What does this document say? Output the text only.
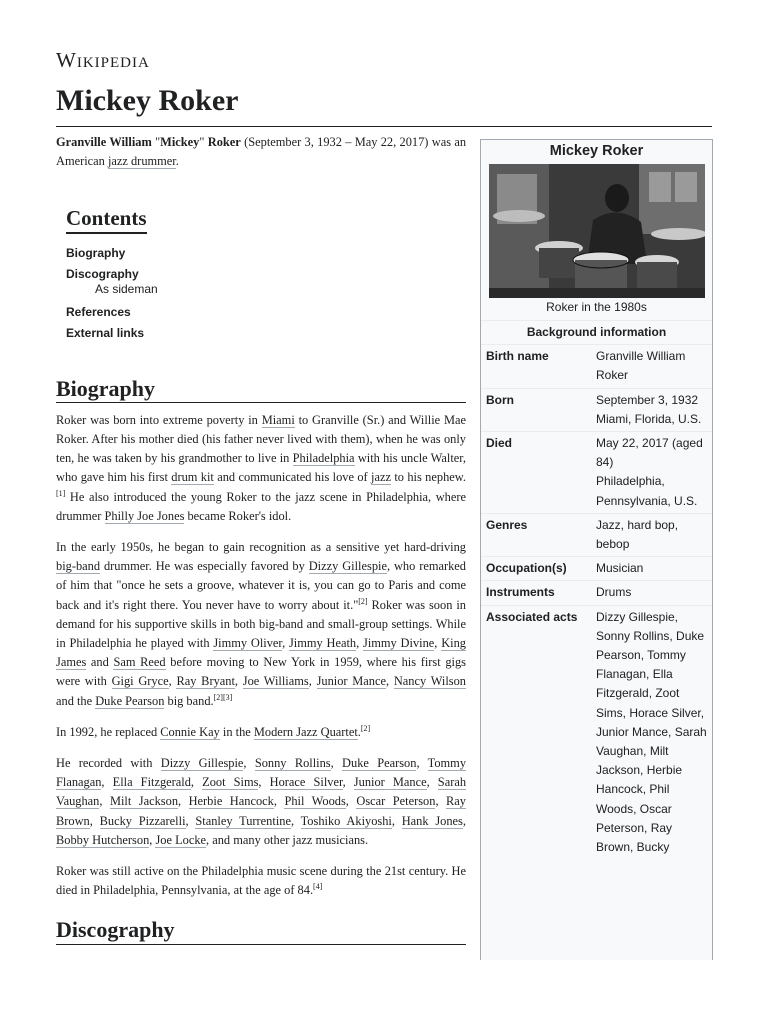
Wikipedia
Mickey Roker

Granville William "Mickey" Roker (September 3, 1932 – May 22, 2017) was an American jazz drummer.

Contents
Biography
Discography
As sideman
References
External links
Biography

Roker was born into extreme poverty in Miami to Granville (Sr.) and Willie Mae Roker. After his mother died (his father never lived with them), when he was only ten, he was taken by his grandmother to live in Philadelphia with his uncle Walter, who gave him his first drum kit and communicated his love of jazz to his nephew.[1] He also introduced the young Roker to the jazz scene in Philadelphia, where drummer Philly Joe Jones became Roker's idol.

In the early 1950s, he began to gain recognition as a sensitive yet hard-driving big-band drummer. He was especially favored by Dizzy Gillespie, who remarked of him that "once he sets a groove, whatever it is, you can go to Paris and come back and it's right there. You never have to worry about it."[2] Roker was soon in demand for his supportive skills in both big-band and small-group settings. While in Philadelphia he played with Jimmy Oliver, Jimmy Heath, Jimmy Divine, King James and Sam Reed before moving to New York in 1959, where his first gigs were with Gigi Gryce, Ray Bryant, Joe Williams, Junior Mance, Nancy Wilson and the Duke Pearson big band.[2][3]

In 1992, he replaced Connie Kay in the Modern Jazz Quartet.[2]

He recorded with Dizzy Gillespie, Sonny Rollins, Duke Pearson, Tommy Flanagan, Ella Fitzgerald, Zoot Sims, Horace Silver, Junior Mance, Sarah Vaughan, Milt Jackson, Herbie Hancock, Phil Woods, Oscar Peterson, Ray Brown, Bucky Pizzarelli, Stanley Turrentine, Toshiko Akiyoshi, Hank Jones, Bobby Hutcherson, Joe Locke, and many other jazz musicians.

Roker was still active on the Philadelphia music scene during the 21st century. He died in Philadelphia, Pennsylvania, at the age of 84.[4]

Discography
Mickey Roker
Roker in the 1980s
Background information
Birth name	Granville William Roker
Born	September 3, 1932
Miami, Florida, U.S.
Died	May 22, 2017 (aged 84)
Philadelphia, Pennsylvania, U.S.
Genres	Jazz, hard bop, bebop
Occupation(s)	Musician
Instruments	Drums
Associated acts	Dizzy Gillespie, Sonny Rollins, Duke Pearson, Tommy Flanagan, Ella Fitzgerald, Zoot Sims, Horace Silver, Junior Mance, Sarah Vaughan, Milt Jackson, Herbie Hancock, Phil Woods, Oscar Peterson, Ray Brown, Bucky
